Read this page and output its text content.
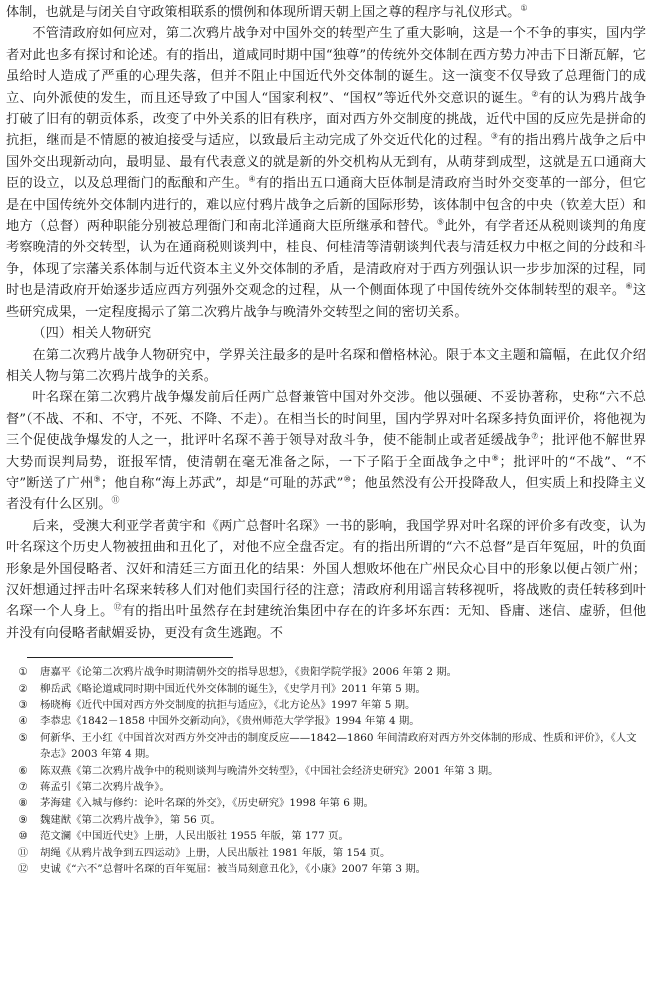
体制，也就是与闭关自守政策相联系的惯例和体现所谓天朝上国之尊的程序与礼仪形式。①

不管清政府如何应对，第二次鸦片战争对中国外交的转型产生了重大影响，这是一个不争的事实，国内学者对此也多有探讨和论述。有的指出，道咸同时期中国“独尊”的传统外交体制在西方势力冲击下日渐瓦解，它虽给时人造成了严重的心理失落，但并不阻止中国近代外交体制的诞生。这一演变不仅导致了总理衙门的成立、向外派使的发生，而且还导致了中国人“国家利权”、“国权”等近代外交意识的诞生。②有的认为鸦片战争打破了旧有的朝贡体系，改变了中外关系的旧有秩序，面对西方外交制度的挑战，近代中国的反应先是拼命的抗拒，继而是不情愿的被迫接受与适应，以致最后主动完成了外交近代化的过程。③有的指出鸦片战争之后中国外交出现新动向，最明显、最有代表意义的就是新的外交机构从无到有，从萌芽到成型，这就是五口通商大臣的设立，以及总理衙门的酝酿和产生。④有的指出五口通商大臣体制是清政府当时外交变革的一部分，但它是在中国传统外交体制内进行的，难以应付鸦片战争之后新的国际形势，该体制中包含的中央（钦差大臣）和地方（总督）两种职能分别被总理衙门和南北洋通商大臣所继承和替代。⑤此外，有学者还从税则谈判的角度考察晚清的外交转型，认为在通商税则谈判中，桂良、何桂清等清朝谈判代表与清廷权力中枢之间的分歧和斗争，体现了宗藩关系体制与近代资本主义外交体制的矛盾，是清政府对于西方列强认识一步步加深的过程，同时也是清政府开始逐步适应西方列强外交观念的过程，从一个侧面体现了中国传统外交体制转型的艰辛。⑥这些研究成果，一定程度揭示了第二次鸦片战争与晚清外交转型之间的密切关系。

（四）相关人物研究

在第二次鸦片战争人物研究中，学界关注最多的是叶名琛和僧格林沁。限于本文主题和篇幅，在此仅介绍相关人物与第二次鸦片战争的关系。

叶名琛在第二次鸦片战争爆发前后任两广总督兼管中国对外交涉。他以强硬、不妥协著称，史称“六不总督”（不战、不和、不守，不死、不降、不走）。在相当长的时间里，国内学界对叶名琛多持负面评价，将他视为三个促使战争爆发的人之一，批评叶名琛不善于领导对敌斗争，使不能制止或者延缓战争⑦；批评他不解世界大势而误判局势，诳报军情，使清朝在毫无准备之际，一下子陷于全面战争之中⑧；批评叶的“不战”、“不守”断送了广州⑨；他自称“海上苏武”，却是“可耻的苏武”⑩；他虽然没有公开投降敌人，但实质上和投降主义者没有什么区别。⑪

后来，受澳大利亚学者黄宇和《两广总督叶名琛》一书的影响，我国学界对叶名琛的评价多有改变，认为叶名琛这个历史人物被扭曲和丑化了，对他不应全盘否定。有的指出所谓的“六不总督”是百年冤屈，叶的负面形象是外国侵略者、汉奸和清廷三方面丑化的结果：外国人想败坏他在广州民众心目中的形象以便占领广州；汉奸想通过抨击叶名琛来转移人们对他们卖国行径的注意；清政府利用谣言转移视听，将战败的责任转移到叶名琛一个人身上。⑫有的指出叶虽然存在封建统治集团中存在的许多坏东西：无知、昏庸、迷信、虚骄，但他并没有向侵略者献媚妥协，更没有贪生逃跑。不

①	唐嘉平《论第二次鸦片战争时期清朝外交的指导思想》，《贵阳学院学报》2006 年第 2 期。
②	柳岳武《略论道咸同时期中国近代外交体制的诞生》，《史学月刊》2011 年第 5 期。
③	杨晓梅《近代中国对西方外交制度的抗拒与适应》，《北方论丛》1997 年第 5 期。
④	李恭忠《1842－1858 中国外交新动向》，《贵州师范大学学报》1994 年第 4 期。
⑤ 何新华、王小红《中国首次对西方外交冲击的制度反应——1842—1860 年间清政府对西方外交体制的形成、性质和评价》，《人文杂志》2003 年第 4 期。
⑥	陈双燕《第二次鸦片战争中的税则谈判与晚清外交转型》，《中国社会经济史研究》2001 年第 3 期。
⑦	蒋孟引《第二次鸦片战争》。
⑧	茅海建《入城与修约：论叶名琛的外交》，《历史研究》1998 年第 6 期。
⑨	魏建猷《第二次鸦片战争》，第 56 页。
⑩	范文澜《中国近代史》上册，人民出版社 1955 年版，第 177 页。
⑪	胡绳《从鸦片战争到五四运动》上册，人民出版社 1981 年版，第 154 页。
⑫	史诚《“六不”总督叶名琛的百年冤屈：被当局刻意丑化》，《小康》2007 年第 3 期。
